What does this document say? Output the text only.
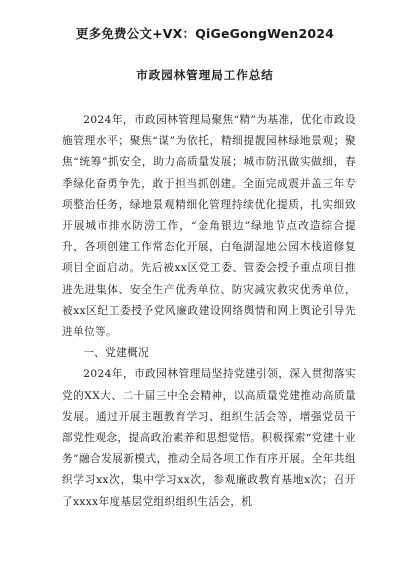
更多免费公文+VX：QiGeGongWen2024
市政园林管理局工作总结

2024年，市政园林管理局聚焦“精”为基准，优化市政设施管理水平；聚焦“谋”为依托，精细提靓园林绿地景观；聚焦“统筹”抓安全，助力高质量发展；城市防汛做实做细，春季绿化奋勇争先，敢于担当抓创建。全面完成震并盖三年专项整治任务，绿地景观精细化管理持续优化提质，扎实细致开展城市排水防涝工作，“金角银边”绿地节点改造综合提升，各项创建工作常态化开展，白龟湖湿地公园木栈道修复项目全面启动。先后被xx区党工委、管委会授予重点项目推进先进集体、安全生产优秀单位、防灾减灾救灾优秀单位，被xx区纪工委授予党风廉政建设网络舆情和网上舆论引导先进单位等。

一、党建概况

2024年，市政园林管理局坚持党建引领，深入贯彻落实党的XX大、二十届三中全会精神，以高质量党建推动高质量发展。通过开展主题教育学习、组织生活会等，增强党员干部党性观念，提高政治素养和思想觉悟。积极探索“党建十业务”融合发展新模式，推动全局各项工作有序开展。全年共组织学习xx次，集中学习xx次，参观廉政教育基地x次；召开了xxxx年度基层党组织组织生活会，机
